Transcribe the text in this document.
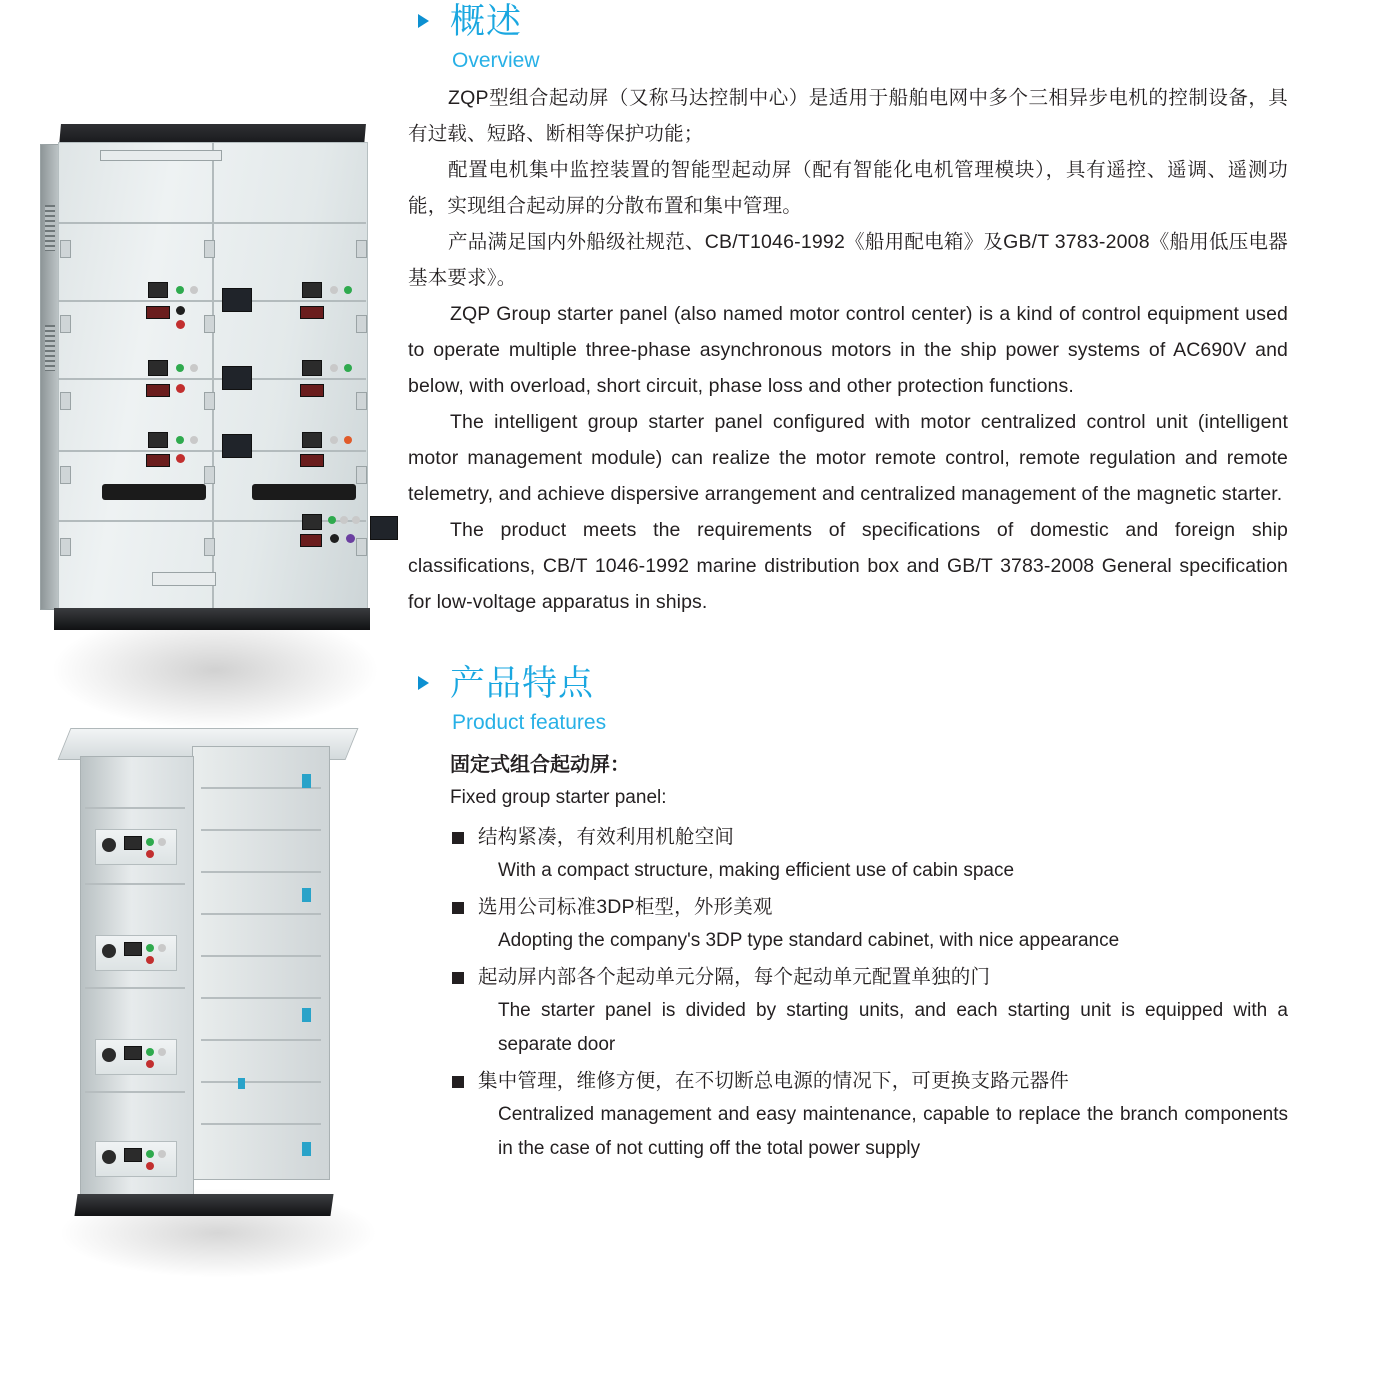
概述
Overview

ZQP型组合起动屏（又称马达控制中心）是适用于船舶电网中多个三相异步电机的控制设备，具有过载、短路、断相等保护功能；

配置电机集中监控装置的智能型起动屏（配有智能化电机管理模块），具有遥控、遥调、遥测功能，实现组合起动屏的分散布置和集中管理。

产品满足国内外船级社规范、CB/T1046-1992《船用配电箱》及GB/T 3783-2008《船用低压电器基本要求》。

ZQP Group starter panel (also named motor control center) is a kind of control equipment used to operate multiple three-phase asynchronous motors in the ship power systems of AC690V and below, with overload, short circuit, phase loss and other protection functions.

The intelligent group starter panel configured with motor centralized control unit (intelligent motor management module) can realize the motor remote control, remote regulation and remote telemetry, and achieve dispersive arrangement and centralized management of the magnetic starter.

The product meets the requirements of specifications of domestic and foreign ship classifications, CB/T 1046-1992 marine distribution box and GB/T 3783-2008 General specification for low-voltage apparatus in ships.

产品特点
Product features
固定式组合起动屏：
Fixed group starter panel:
结构紧凑，有效利用机舱空间
With a compact structure, making efficient use of cabin space
选用公司标准3DP柜型，外形美观
Adopting the company's 3DP type standard cabinet, with nice appearance
起动屏内部各个起动单元分隔，每个起动单元配置单独的门
The starter panel is divided by starting units, and each starting unit is equipped with a separate door
集中管理，维修方便，在不切断总电源的情况下，可更换支路元器件
Centralized management and easy maintenance, capable to replace the branch components in the case of not cutting off the total power supply
